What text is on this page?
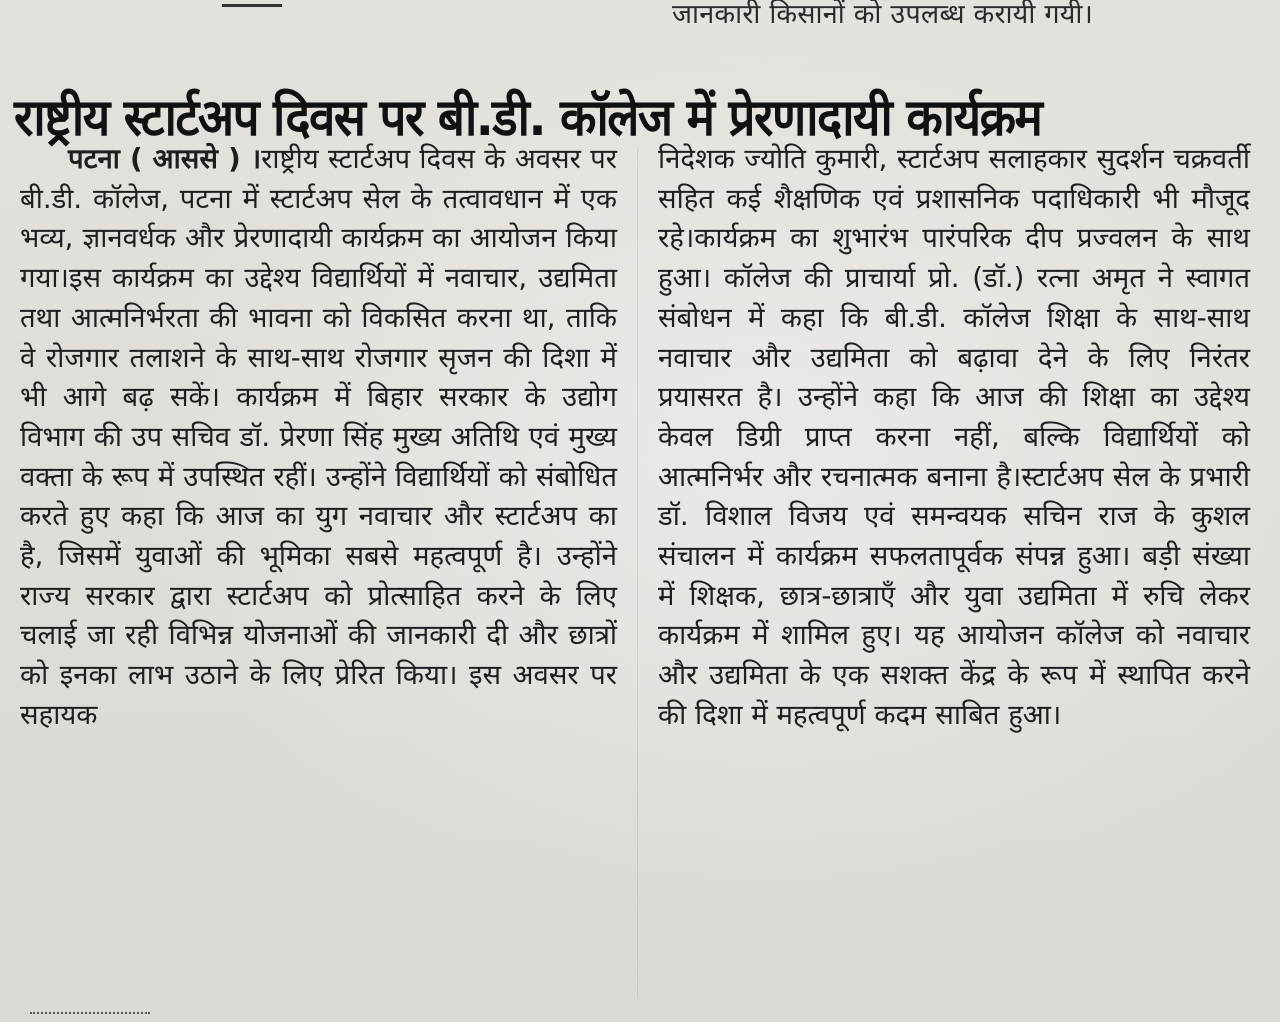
जानकारी किसानों को उपलब्ध करायी गयी।
राष्ट्रीय स्टार्टअप दिवस पर बी.डी. कॉलेज में प्रेरणादायी कार्यक्रम

पटना ( आससे ) ।राष्ट्रीय स्टार्टअप दिवस के अवसर पर बी.डी. कॉलेज, पटना में स्टार्टअप सेल के तत्वावधान में एक भव्य, ज्ञानवर्धक और प्रेरणादायी कार्यक्रम का आयोजन किया गया।इस कार्यक्रम का उद्देश्य विद्यार्थियों में नवाचार, उद्यमिता तथा आत्मनिर्भरता की भावना को विकसित करना था, ताकि वे रोजगार तलाशने के साथ-साथ रोजगार सृजन की दिशा में भी आगे बढ़ सकें। कार्यक्रम में बिहार सरकार के उद्योग विभाग की उप सचिव डॉ. प्रेरणा सिंह मुख्य अतिथि एवं मुख्य वक्ता के रूप में उपस्थित रहीं। उन्होंने विद्यार्थियों को संबोधित करते हुए कहा कि आज का युग नवाचार और स्टार्टअप का है, जिसमें युवाओं की भूमिका सबसे महत्वपूर्ण है। उन्होंने राज्य सरकार द्वारा स्टार्टअप को प्रोत्साहित करने के लिए चलाई जा रही विभिन्न योजनाओं की जानकारी दी और छात्रों को इनका लाभ उठाने के लिए प्रेरित किया। इस अवसर पर सहायक

निदेशक ज्योति कुमारी, स्टार्टअप सलाहकार सुदर्शन चक्रवर्ती सहित कई शैक्षणिक एवं प्रशासनिक पदाधिकारी भी मौजूद रहे।कार्यक्रम का शुभारंभ पारंपरिक दीप प्रज्वलन के साथ हुआ। कॉलेज की प्राचार्या प्रो. (डॉ.) रत्ना अमृत ने स्वागत संबोधन में कहा कि बी.डी. कॉलेज शिक्षा के साथ-साथ नवाचार और उद्यमिता को बढ़ावा देने के लिए निरंतर प्रयासरत है। उन्होंने कहा कि आज की शिक्षा का उद्देश्य केवल डिग्री प्राप्त करना नहीं, बल्कि विद्यार्थियों को आत्मनिर्भर और रचनात्मक बनाना है।स्टार्टअप सेल के प्रभारी डॉ. विशाल विजय एवं समन्वयक सचिन राज के कुशल संचालन में कार्यक्रम सफलतापूर्वक संपन्न हुआ। बड़ी संख्या में शिक्षक, छात्र-छात्राएँ और युवा उद्यमिता में रुचि लेकर कार्यक्रम में शामिल हुए। यह आयोजन कॉलेज को नवाचार और उद्यमिता के एक सशक्त केंद्र के रूप में स्थापित करने की दिशा में महत्वपूर्ण कदम साबित हुआ।
